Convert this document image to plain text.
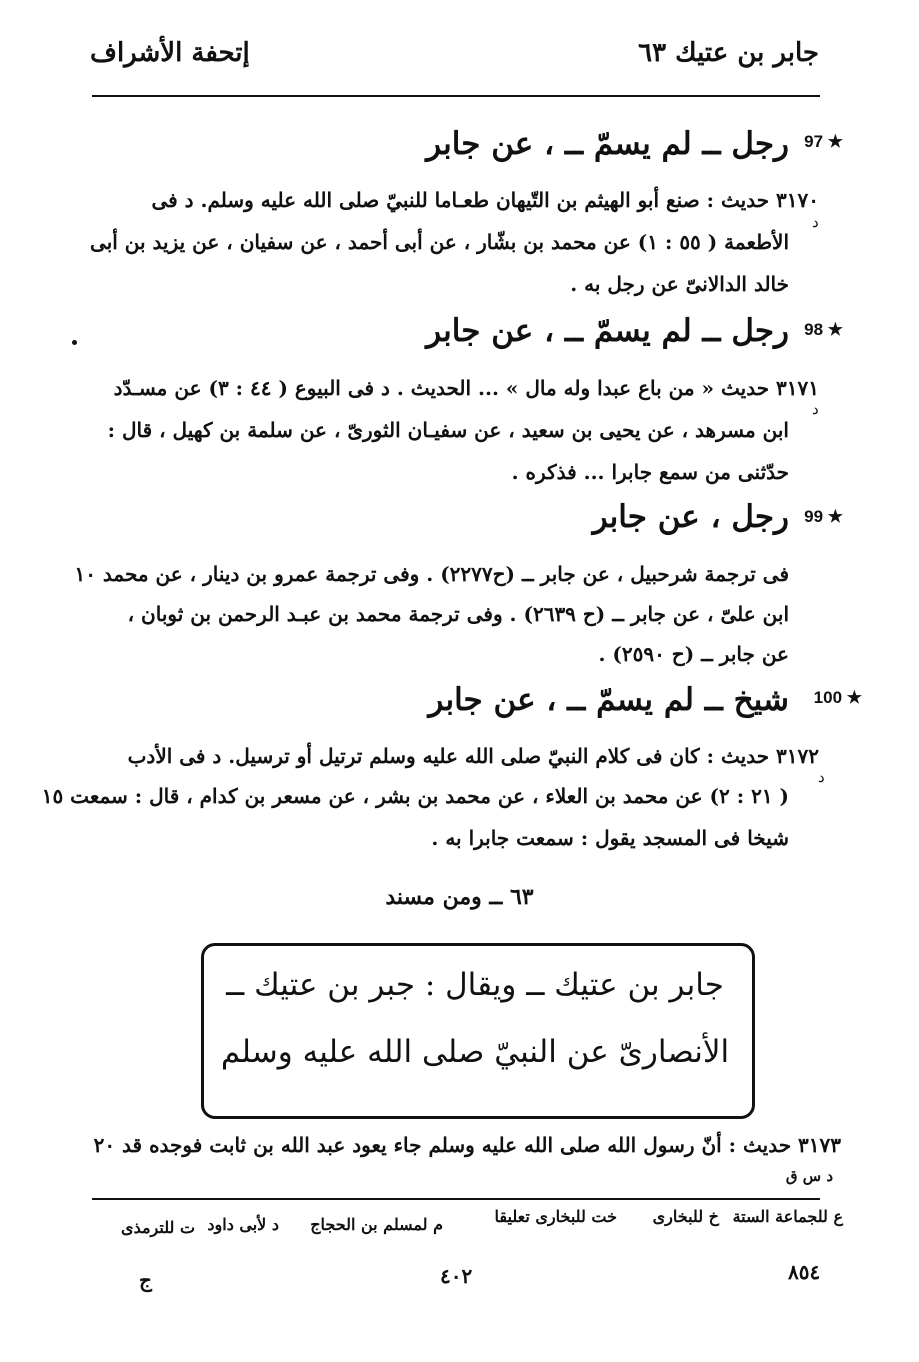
جابر بن عتيك ٦٣
إتحفة الأشراف
97 ★
رجل ــ لم يسمّ ــ ، عن جابر
٣١٧٠ حديث : صنع أبو الهيثم بن التّيهان طعـاما للنبيّ صلى الله عليه وسلم. د فى
د
الأطعمة ( ٥٥ : ١) عن محمد بن بشّار ، عن أبى أحمد ، عن سفيان ، عن يزيد بن أبى
خالد الدالانىّ عن رجل به .
98 ★
رجل ــ لم يسمّ ــ ، عن جابر
٣١٧١ حديث « من باع عبدا وله مال » ... الحديث . د فى البيوع ( ٤٤ : ٣) عن مسـدّد
د
ابن مسرهد ، عن يحيى بن سعيد ، عن سفيـان الثورىّ ، عن سلمة بن كهيل ، قال :
حدّثنى من سمع جابرا ... فذكره .
99 ★
رجل ، عن جابر
فى ترجمة شرحبيل ، عن جابر ــ (ح٢٢٧٧) . وفى ترجمة عمرو بن دينار ، عن محمد ١٠
ابن علىّ ، عن جابر ــ (ح ٢٦٣٩) . وفى ترجمة محمد بن عبـد الرحمن بن ثوبان ،
عن جابر ــ (ح ٢٥٩٠) .
100 ★
شيخ ــ لم يسمّ ــ ، عن جابر
٣١٧٢ حديث : كان فى كلام النبيّ صلى الله عليه وسلم ترتيل أو ترسيل. د فى الأدب
د
( ٢١ : ٢) عن محمد بن العلاء ، عن محمد بن بشر ، عن مسعر بن كدام ، قال : سمعت ١٥
شيخا فى المسجد يقول : سمعت جابرا به .
٦٣ ــ ومن مسند
جابر بن عتيك ــ ويقال : جبر بن عتيك ــ
الأنصارىّ عن النبيّ صلى الله عليه وسلم
٣١٧٣ حديث : أنّ رسول الله صلى الله عليه وسلم جاء يعود عبد الله بن ثابت فوجده قد ٢٠
د س ق
ع للجماعة الستة
خ للبخارى
خت للبخارى تعليقا
م لمسلم بن الحجاج
د لأبى داود
ت للترمذى
٨٥٤
٤٠٢
ج
